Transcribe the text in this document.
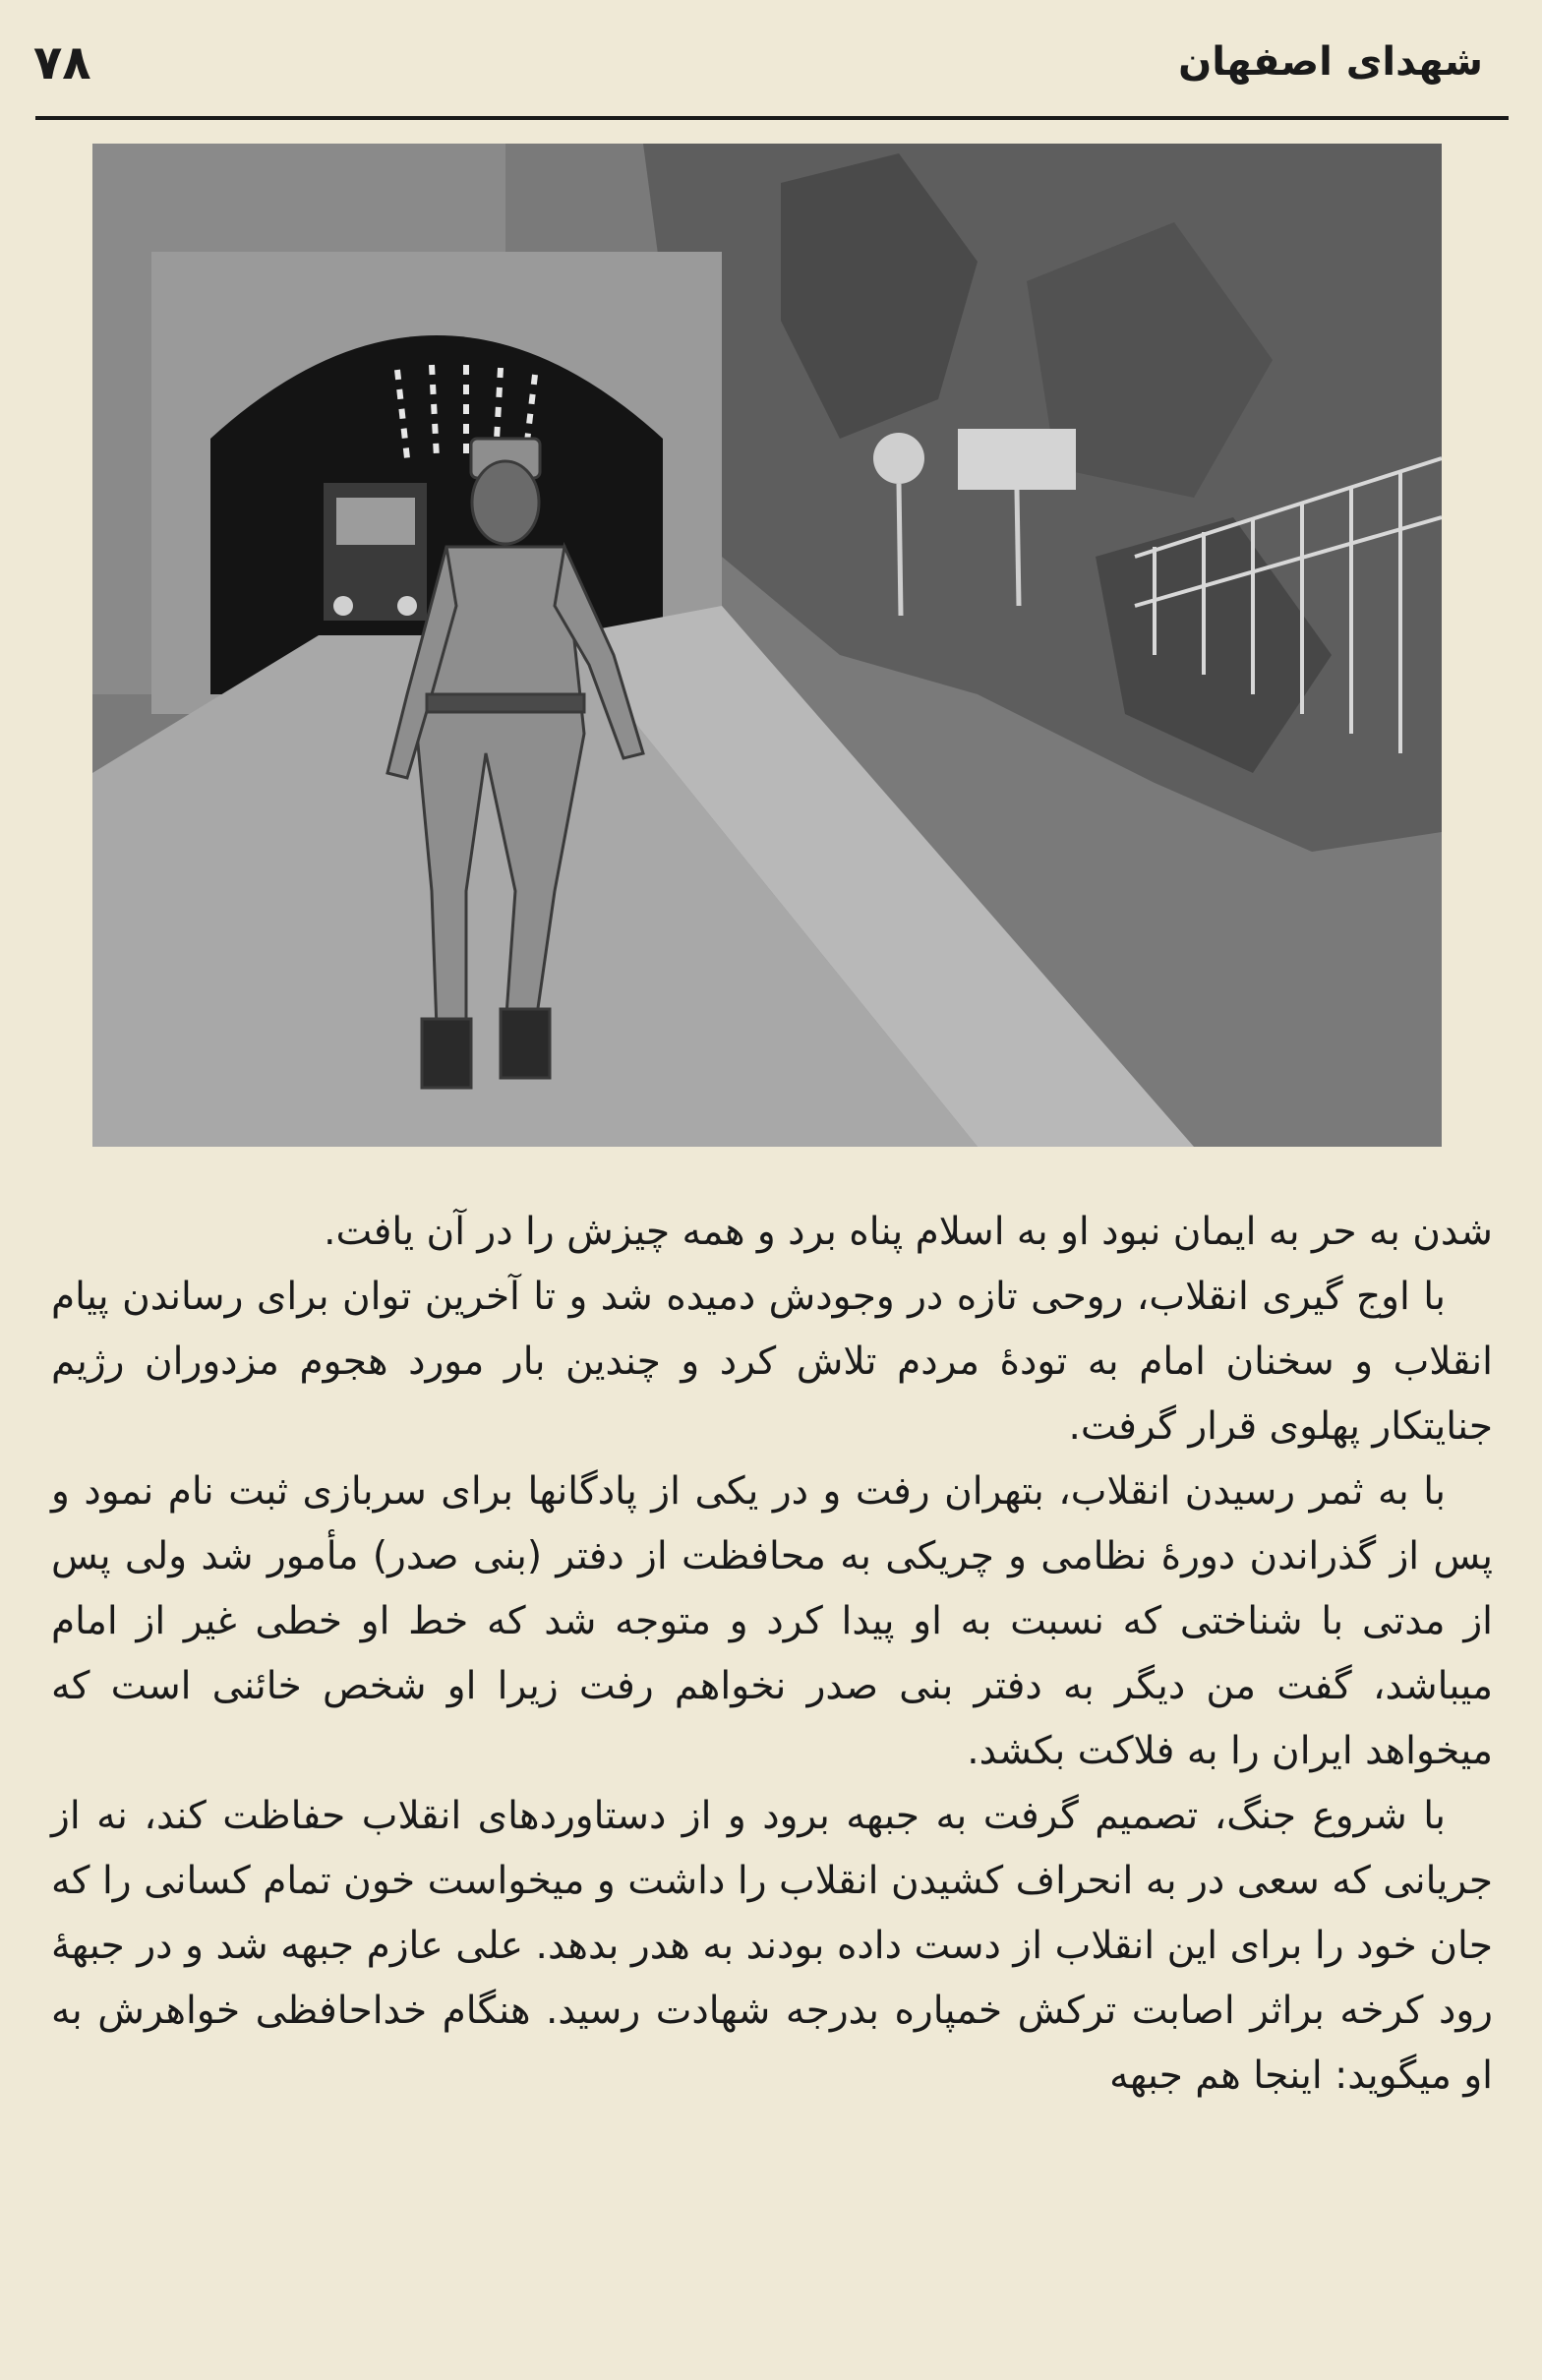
شهدای اصفهان
۷۸

شدن به حر به ایمان نبود او به اسلام پناه برد و همه چیزش را در آن یافت.

با اوج گیری انقلاب، روحی تازه در وجودش دمیده شد و تا آخرین توان برای رساندن پیام انقلاب و سخنان امام به تودهٔ مردم تلاش کرد و چندین بار مورد هجوم مزدوران رژیم جنایتکار پهلوی قرار گرفت.

با به ثمر رسیدن انقلاب، بتهران رفت و در یکی از پادگانها برای سربازی ثبت نام نمود و پس از گذراندن دورهٔ نظامی و چریکی به محافظت از دفتر (بنی صدر) مأمور شد ولی پس از مدتی با شناختی که نسبت به او پیدا کرد و متوجه شد که خط او خطی غیر از امام میباشد، گفت من دیگر به دفتر بنی صدر نخواهم رفت زیرا او شخص خائنی است که میخواهد ایران را به فلاکت بکشد.

با شروع جنگ، تصمیم گرفت به جبهه برود و از دستاوردهای انقلاب حفاظت کند، نه از جریانی که سعی در به انحراف کشیدن انقلاب را داشت و میخواست خون تمام کسانی را که جان خود را برای این انقلاب از دست داده بودند به هدر بدهد. علی عازم جبهه شد و در جبههٔ رود کرخه براثر اصابت ترکش خمپاره بدرجه شهادت رسید. هنگام خداحافظی خواهرش به او میگوید: اینجا هم جبهه
